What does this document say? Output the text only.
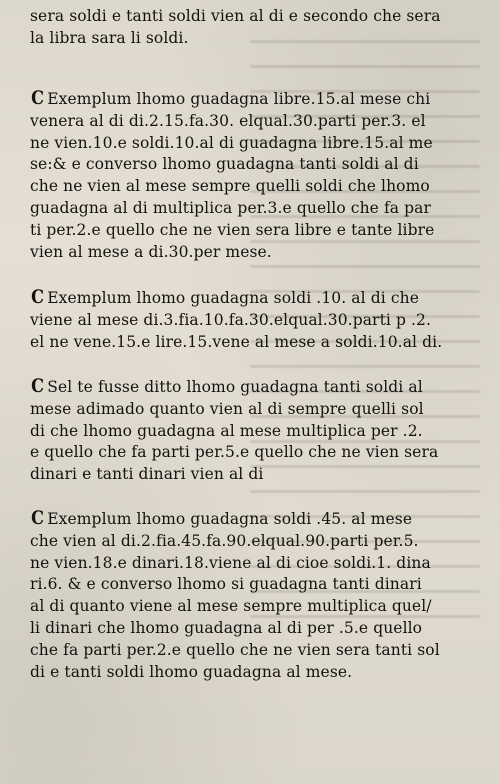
sera soldi e tanti soldi vien al di e secondo che sera
la libra sara li soldi.
C Exemplum lhomo guadagna libre.15.al mese chi
venera al di di.2.15.fa.30. elqual.30.parti per.3. el
ne vien.10.e soldi.10.al di guadagna libre.15.al me
se:& e converso lhomo guadagna tanti soldi al di
che ne vien al mese sempre quelli soldi che lhomo
guadagna al di multiplica per.3.e quello che fa par
ti per.2.e quello che ne vien sera libre e tante libre
vien al mese a di.30.per mese.
C Exemplum lhomo guadagna soldi .10. al di che
viene al mese di.3.fia.10.fa.30.elqual.30.parti p .2.
el ne vene.15.e lire.15.vene al mese a soldi.10.al di.
C Sel te fusse ditto lhomo guadagna tanti soldi al
mese adimado quanto vien al di sempre quelli sol
di che lhomo guadagna al mese multiplica per .2.
e quello che fa parti per.5.e quello che ne vien sera
dinari e tanti dinari vien al di
C Exemplum lhomo guadagna soldi .45. al mese
che vien al di.2.fia.45.fa.90.elqual.90.parti per.5.
ne vien.18.e dinari.18.viene al di cioe soldi.1. dina
ri.6. & e converso lhomo si guadagna tanti dinari
al di quanto viene al mese sempre multiplica quel/
li dinari che lhomo guadagna al di per .5.e quello
che fa parti per.2.e quello che ne vien sera tanti sol
di e tanti soldi lhomo guadagna al mese.
